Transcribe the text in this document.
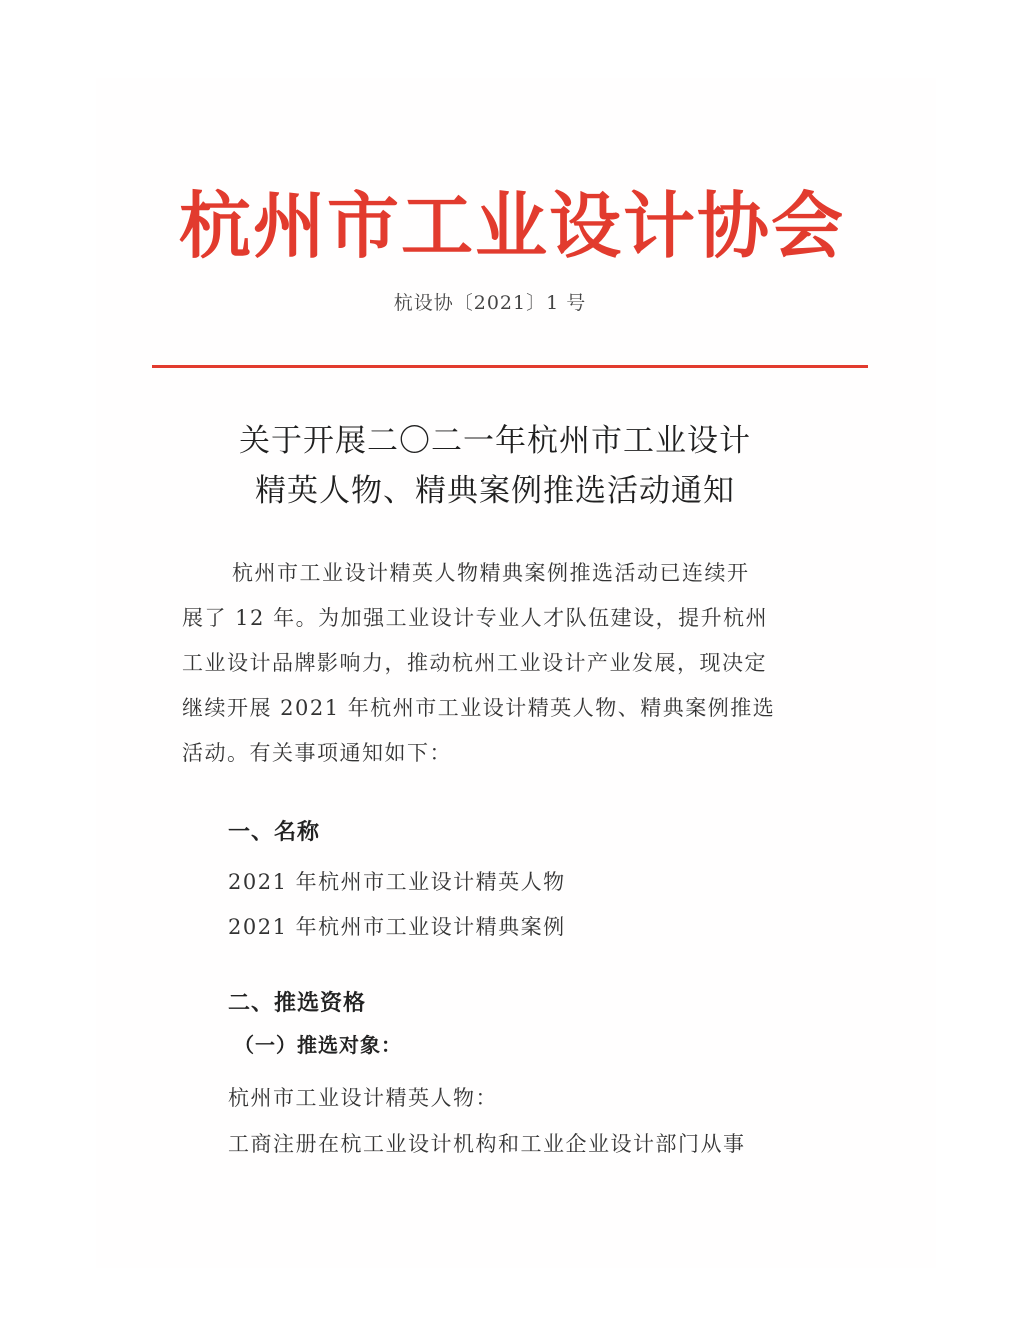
杭州市工业设计协会
杭设协〔2021〕1 号
关于开展二〇二一年杭州市工业设计
精英人物、精典案例推选活动通知
杭州市工业设计精英人物精典案例推选活动已连续开
展了 12 年。为加强工业设计专业人才队伍建设，提升杭州
工业设计品牌影响力，推动杭州工业设计产业发展，现决定
继续开展 2021 年杭州市工业设计精英人物、精典案例推选
活动。有关事项通知如下：
一、名称
2021 年杭州市工业设计精英人物
2021 年杭州市工业设计精典案例
二、推选资格
（一）推选对象：
杭州市工业设计精英人物：
工商注册在杭工业设计机构和工业企业设计部门从事
